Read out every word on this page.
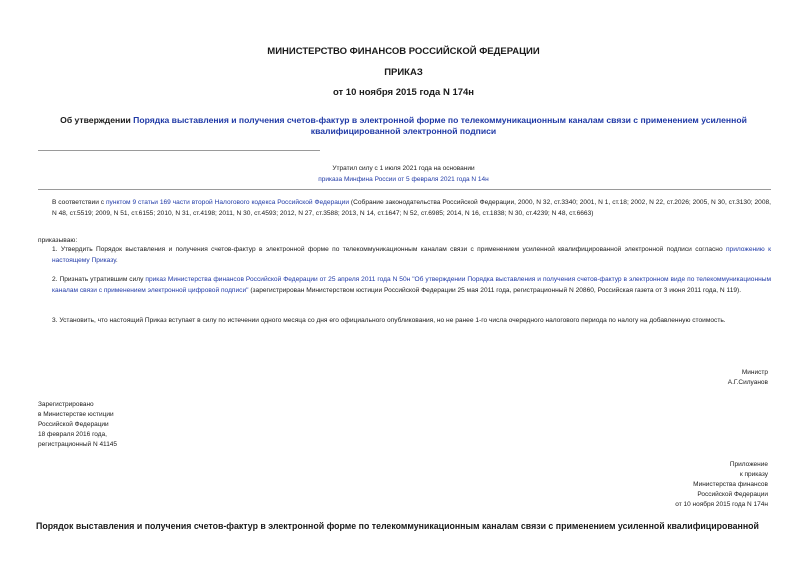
МИНИСТЕРСТВО ФИНАНСОВ РОССИЙСКОЙ ФЕДЕРАЦИИ
ПРИКАЗ
от 10 ноября 2015 года N 174н
Об утверждении Порядка выставления и получения счетов-фактур в электронной форме по телекоммуникационным каналам связи с применением усиленной квалифицированной электронной подписи
Утратил силу с 1 июля 2021 года на основании
приказа Минфина России от 5 февраля 2021 года N 14н
В соответствии с пунктом 9 статьи 169 части второй Налогового кодекса Российской Федерации (Собрание законодательства Российской Федерации, 2000, N 32, ст.3340; 2001, N 1, ст.18; 2002, N 22, ст.2026; 2005, N 30, ст.3130; 2008, N 48, ст.5519; 2009, N 51, ст.6155; 2010, N 31, ст.4198; 2011, N 30, ст.4593; 2012, N 27, ст.3588; 2013, N 14, ст.1647; N 52, ст.6985; 2014, N 16, ст.1838; N 30, ст.4239; N 48, ст.6663)
приказываю:
1. Утвердить Порядок выставления и получения счетов-фактур в электронной форме по телекоммуникационным каналам связи с применением усиленной квалифицированной электронной подписи согласно приложению к настоящему Приказу.
2. Признать утратившим силу приказ Министерства финансов Российской Федерации от 25 апреля 2011 года N 50н "Об утверждении Порядка выставления и получения счетов-фактур в электронном виде по телекоммуникационным каналам связи с применением электронной цифровой подписи" (зарегистрирован Министерством юстиции Российской Федерации 25 мая 2011 года, регистрационный N 20860, Российская газета от 3 июня 2011 года, N 119).
3. Установить, что настоящий Приказ вступает в силу по истечении одного месяца со дня его официального опубликования, но не ранее 1-го числа очередного налогового периода по налогу на добавленную стоимость.
Министр
А.Г.Силуанов
Зарегистрировано
в Министерстве юстиции
Российской Федерации
18 февраля 2016 года,
регистрационный N 41145
Приложение
к приказу
Министерства финансов
Российской Федерации
от 10 ноября 2015 года N 174н
Порядок выставления и получения счетов-фактур в электронной форме по телекоммуникационным каналам связи с применением усиленной квалифицированной
